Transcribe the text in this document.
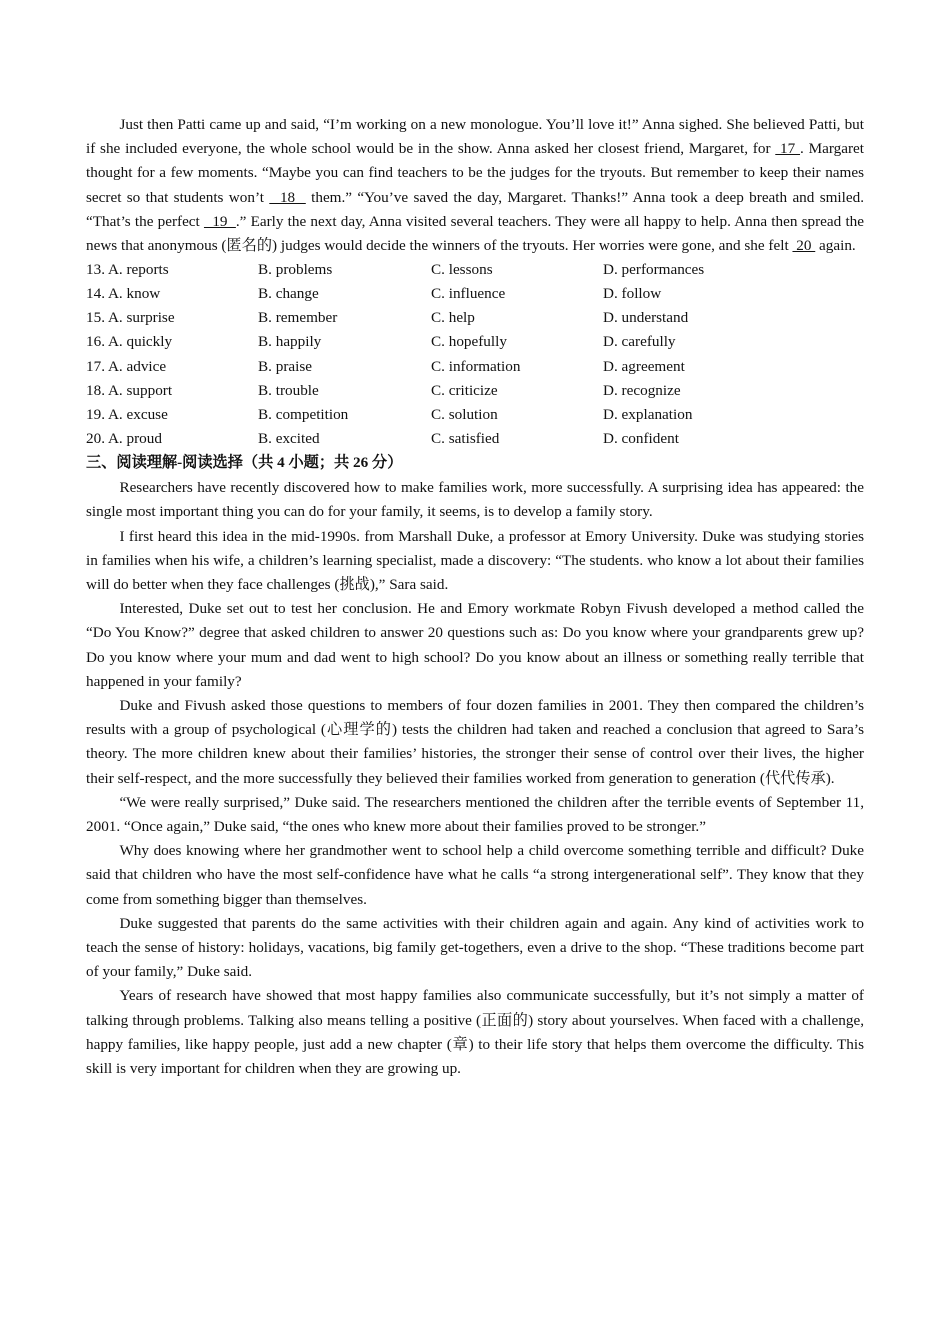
Just then Patti came up and said, “I’m working on a new monologue. You’ll love it!” Anna sighed. She believed Patti, but if she included everyone, the whole school would be in the show. Anna asked her closest friend, Margaret, for  17 . Margaret thought for a few moments. “Maybe you can find teachers to be the judges for the tryouts. But remember to keep their names secret so that students won’t   18   them.” “You’ve saved the day, Margaret. Thanks!” Anna took a deep breath and smiled. “That’s the perfect   19  .” Early the next day, Anna visited several teachers. They were all happy to help. Anna then spread the news that anonymous (匿名的) judges would decide the winners of the tryouts. Her worries were gone, and she felt  20  again.

13. A. reports	B. problems	C. lessons	D. performances
14. A. know	B. change	C. influence	D. follow
15. A. surprise	B. remember	C. help	D. understand
16. A. quickly	B. happily	C. hopefully	D. carefully
17. A. advice	B. praise	C. information	D. agreement
18. A. support	B. trouble	C. criticize	D. recognize
19. A. excuse	B. competition	C. solution	D. explanation
20. A. proud	B. excited	C. satisfied	D. confident
三、阅读理解-阅读选择（共 4 小题；共 26 分）

Researchers have recently discovered how to make families work, more successfully. A surprising idea has appeared: the single most important thing you can do for your family, it seems, is to develop a family story.

I first heard this idea in the mid-1990s. from Marshall Duke, a professor at Emory University. Duke was studying stories in families when his wife, a children’s learning specialist, made a discovery: “The students. who know a lot about their families will do better when they face challenges (挑战),” Sara said.

Interested, Duke set out to test her conclusion. He and Emory workmate Robyn Fivush developed a method called the “Do You Know?” degree that asked children to answer 20 questions such as: Do you know where your grandparents grew up? Do you know where your mum and dad went to high school? Do you know about an illness or something really terrible that happened in your family?

Duke and Fivush asked those questions to members of four dozen families in 2001. They then compared the children’s results with a group of psychological (心理学的) tests the children had taken and reached a conclusion that agreed to Sara’s theory. The more children knew about their families’ histories, the stronger their sense of control over their lives, the higher their self-respect, and the more successfully they believed their families worked from generation to generation (代代传承).

“We were really surprised,” Duke said. The researchers mentioned the children after the terrible events of September 11, 2001. “Once again,” Duke said, “the ones who knew more about their families proved to be stronger.”

Why does knowing where her grandmother went to school help a child overcome something terrible and difficult? Duke said that children who have the most self-confidence have what he calls “a strong intergenerational self”. They know that they come from something bigger than themselves.

Duke suggested that parents do the same activities with their children again and again. Any kind of activities work to teach the sense of history: holidays, vacations, big family get-togethers, even a drive to the shop. “These traditions become part of your family,” Duke said.

Years of research have showed that most happy families also communicate successfully, but it’s not simply a matter of talking through problems. Talking also means telling a positive (正面的) story about yourselves. When faced with a challenge, happy families, like happy people, just add a new chapter (章) to their life story that helps them overcome the difficulty. This skill is very important for children when they are growing up.
